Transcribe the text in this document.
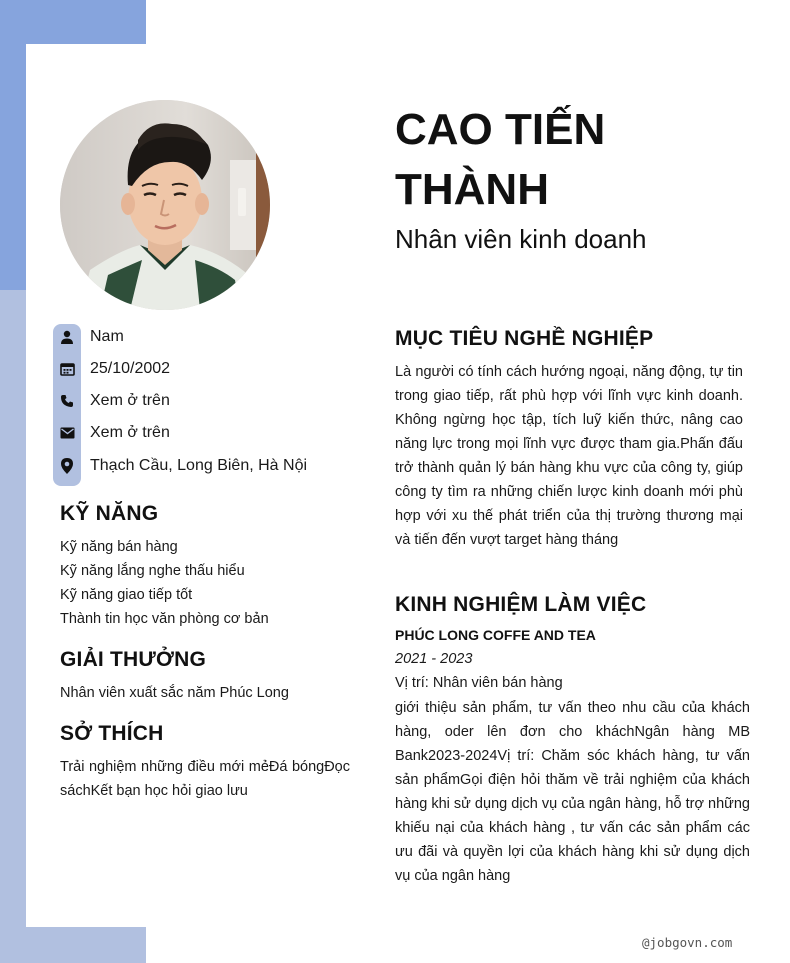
Nam
25/10/2002
Xem ở trên
Xem ở trên
Thạch Cầu, Long Biên, Hà Nội
KỸ NĂNG
Kỹ năng bán hàng
Kỹ năng lắng nghe thấu hiểu
Kỹ năng giao tiếp tốt
Thành tin học văn phòng cơ bản
GIẢI THƯỞNG
Nhân viên xuất sắc năm Phúc Long
SỞ THÍCH
Trải nghiệm những điều mới mẻĐá bóngĐọc sáchKết bạn học hỏi giao lưu
CAO TIẾN THÀNH
Nhân viên kinh doanh
MỤC TIÊU NGHỀ NGHIỆP
Là người có tính cách hướng ngoại, năng động, tự tin trong giao tiếp, rất phù hợp với lĩnh vực kinh doanh. Không ngừng học tập, tích luỹ kiến thức, nâng cao năng lực trong mọi lĩnh vực được tham gia.Phấn đấu trở thành quản lý bán hàng khu vực của công ty, giúp công ty tìm ra những chiến lược kinh doanh mới phù hợp với xu thế phát triển của thị trường thương mại và tiến đến vượt target hàng tháng
KINH NGHIỆM LÀM VIỆC
PHÚC LONG COFFE AND TEA
2021 - 2023
Vị trí: Nhân viên bán hàng
giới thiệu sản phẩm, tư vấn theo nhu cầu của khách hàng, oder lên đơn cho kháchNgân hàng MB Bank2023-2024Vị trí: Chăm sóc khách hàng, tư vấn sản phẩmGọi điện hỏi thăm về trải nghiệm của khách hàng khi sử dụng dịch vụ của ngân hàng, hỗ trợ những khiếu nại của khách hàng , tư vấn các sản phẩm các ưu đãi và quyền lợi của khách hàng khi sử dụng dịch vụ của ngân hàng
@jobgovn.com
